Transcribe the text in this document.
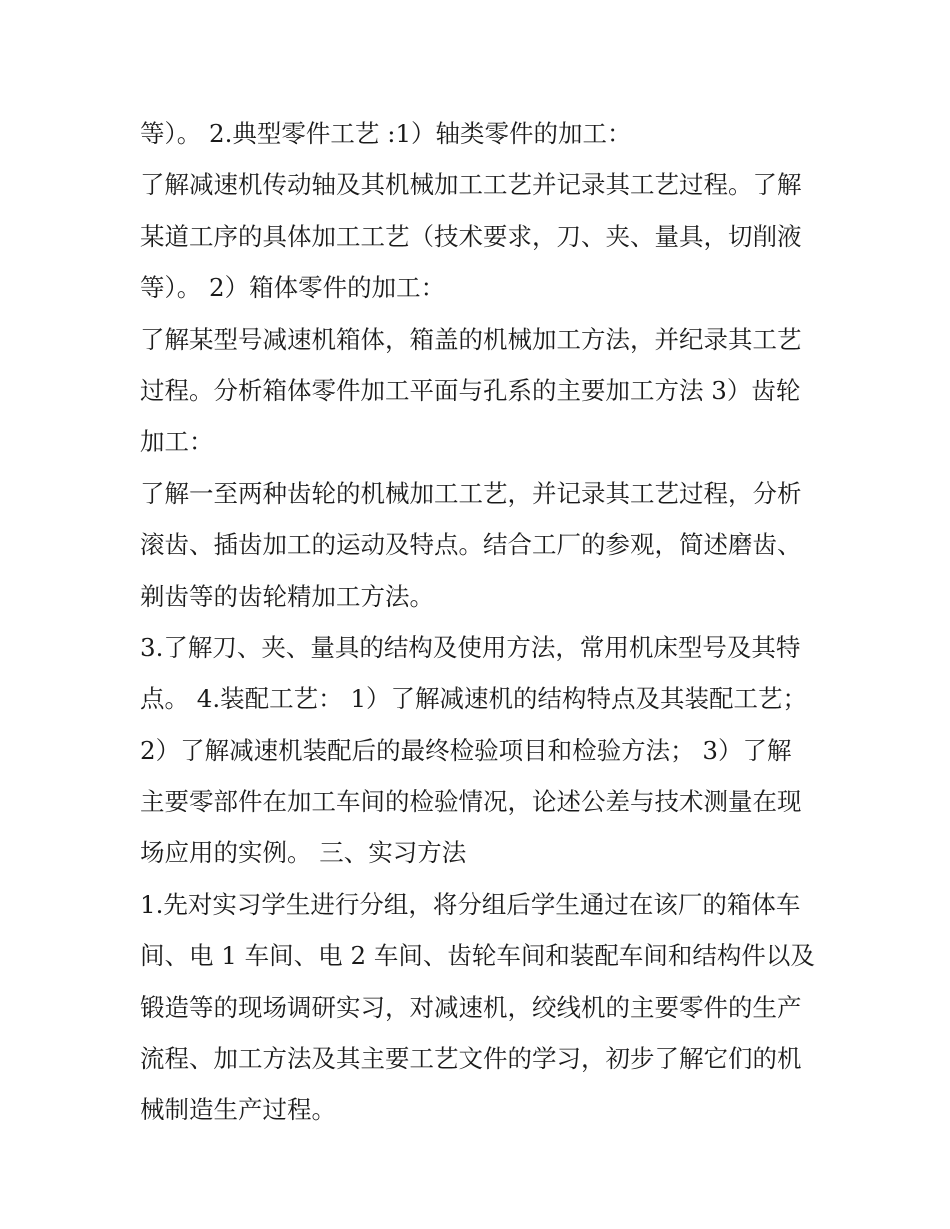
等）。 2.典型零件工艺 :1）轴类零件的加工：
了解减速机传动轴及其机械加工工艺并记录其工艺过程。了解
某道工序的具体加工工艺（技术要求，刀、夹、量具，切削液
等）。 2）箱体零件的加工：
了解某型号减速机箱体，箱盖的机械加工方法，并纪录其工艺
过程。分析箱体零件加工平面与孔系的主要加工方法 3）齿轮
加工：
了解一至两种齿轮的机械加工工艺，并记录其工艺过程，分析
滚齿、插齿加工的运动及特点。结合工厂的参观，简述磨齿、
剃齿等的齿轮精加工方法。
3.了解刀、夹、量具的结构及使用方法，常用机床型号及其特
点。 4.装配工艺： 1）了解减速机的结构特点及其装配工艺；
2）了解减速机装配后的最终检验项目和检验方法； 3）了解
主要零部件在加工车间的检验情况，论述公差与技术测量在现
场应用的实例。 三、实习方法
1.先对实习学生进行分组，将分组后学生通过在该厂的箱体车
间、电 1 车间、电 2 车间、齿轮车间和装配车间和结构件以及
锻造等的现场调研实习，对减速机，绞线机的主要零件的生产
流程、加工方法及其主要工艺文件的学习，初步了解它们的机
械制造生产过程。
